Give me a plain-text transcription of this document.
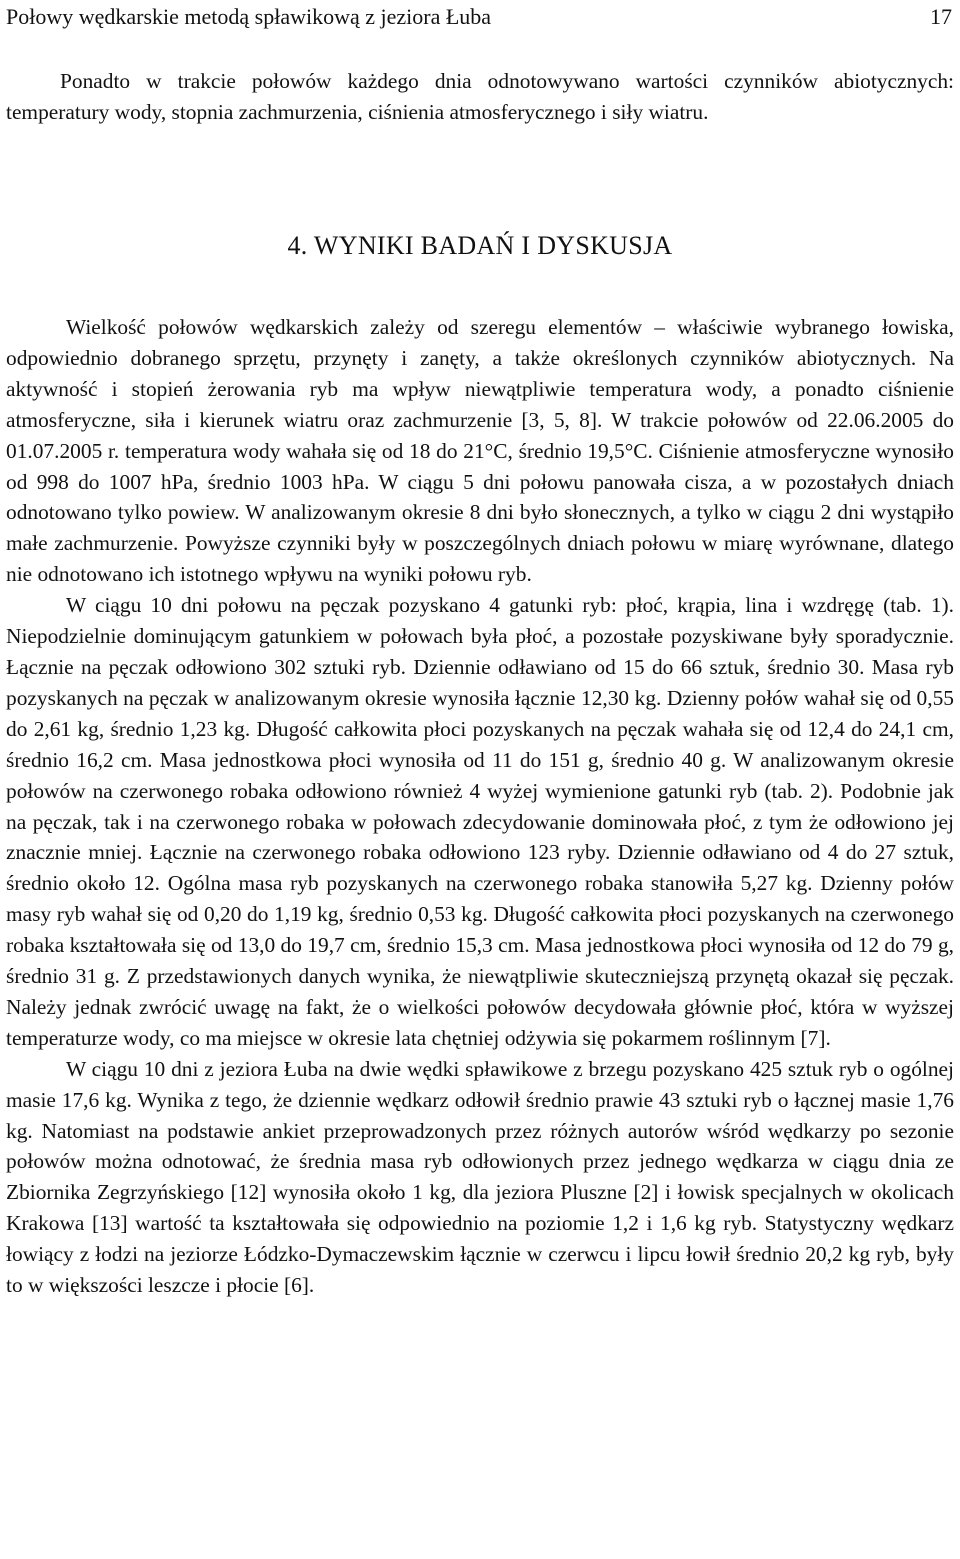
Połowy wędkarskie metodą spławikową z jeziora Łuba	17
Ponadto w trakcie połowów każdego dnia odnotowywano wartości czynników abiotycznych: temperatury wody, stopnia zachmurzenia, ciśnienia atmosferycznego i siły wiatru.
4. WYNIKI BADAŃ I DYSKUSJA

Wielkość połowów wędkarskich zależy od szeregu elementów – właściwie wybranego łowiska, odpowiednio dobranego sprzętu, przynęty i zanęty, a także określonych czynników abiotycznych. Na aktywność i stopień żerowania ryb ma wpływ niewątpliwie temperatura wody, a ponadto ciśnienie atmosferyczne, siła i kierunek wiatru oraz zachmurzenie [3, 5, 8]. W trakcie połowów od 22.06.2005 do 01.07.2005 r. temperatura wody wahała się od 18 do 21°C, średnio 19,5°C. Ciśnienie atmosferyczne wynosiło od 998 do 1007 hPa, średnio 1003 hPa. W ciągu 5 dni połowu panowała cisza, a w pozostałych dniach odnotowano tylko powiew. W analizowanym okresie 8 dni było słonecznych, a tylko w ciągu 2 dni wystąpiło małe zachmurzenie. Powyższe czynniki były w poszczególnych dniach połowu w miarę wyrównane, dlatego nie odnotowano ich istotnego wpływu na wyniki połowu ryb.

W ciągu 10 dni połowu na pęczak pozyskano 4 gatunki ryb: płoć, krąpia, lina i wzdręgę (tab. 1). Niepodzielnie dominującym gatunkiem w połowach była płoć, a pozostałe pozyskiwane były sporadycznie. Łącznie na pęczak odłowiono 302 sztuki ryb. Dziennie odławiano od 15 do 66 sztuk, średnio 30. Masa ryb pozyskanych na pęczak w analizowanym okresie wynosiła łącznie 12,30 kg. Dzienny połów wahał się od 0,55 do 2,61 kg, średnio 1,23 kg. Długość całkowita płoci pozyskanych na pęczak wahała się od 12,4 do 24,1 cm, średnio 16,2 cm. Masa jednostkowa płoci wynosiła od 11 do 151 g, średnio 40 g. W analizowanym okresie połowów na czerwonego robaka odłowiono również 4 wyżej wymienione gatunki ryb (tab. 2). Podobnie jak na pęczak, tak i na czerwonego robaka w połowach zdecydowanie dominowała płoć, z tym że odłowiono jej znacznie mniej. Łącznie na czerwonego robaka odłowiono 123 ryby. Dziennie odławiano od 4 do 27 sztuk, średnio około 12. Ogólna masa ryb pozyskanych na czerwonego robaka stanowiła 5,27 kg. Dzienny połów masy ryb wahał się od 0,20 do 1,19 kg, średnio 0,53 kg. Długość całkowita płoci pozyskanych na czerwonego robaka kształtowała się od 13,0 do 19,7 cm, średnio 15,3 cm. Masa jednostkowa płoci wynosiła od 12 do 79 g, średnio 31 g. Z przedstawionych danych wynika, że niewątpliwie skuteczniejszą przynętą okazał się pęczak. Należy jednak zwrócić uwagę na fakt, że o wielkości połowów decydowała głównie płoć, która w wyższej temperaturze wody, co ma miejsce w okresie lata chętniej odżywia się pokarmem roślinnym [7].

W ciągu 10 dni z jeziora Łuba na dwie wędki spławikowe z brzegu pozyskano 425 sztuk ryb o ogólnej masie 17,6 kg. Wynika z tego, że dziennie wędkarz odłowił średnio prawie 43 sztuki ryb o łącznej masie 1,76 kg. Natomiast na podstawie ankiet przeprowadzonych przez różnych autorów wśród wędkarzy po sezonie połowów można odnotować, że średnia masa ryb odłowionych przez jednego wędkarza w ciągu dnia ze Zbiornika Zegrzyńskiego [12] wynosiła około 1 kg, dla jeziora Pluszne [2] i łowisk specjalnych w okolicach Krakowa [13] wartość ta kształtowała się odpowiednio na poziomie 1,2 i 1,6 kg ryb. Statystyczny wędkarz łowiący z łodzi na jeziorze Łódzko-Dymaczewskim łącznie w czerwcu i lipcu łowił średnio 20,2 kg ryb, były to w większości leszcze i płocie [6].
